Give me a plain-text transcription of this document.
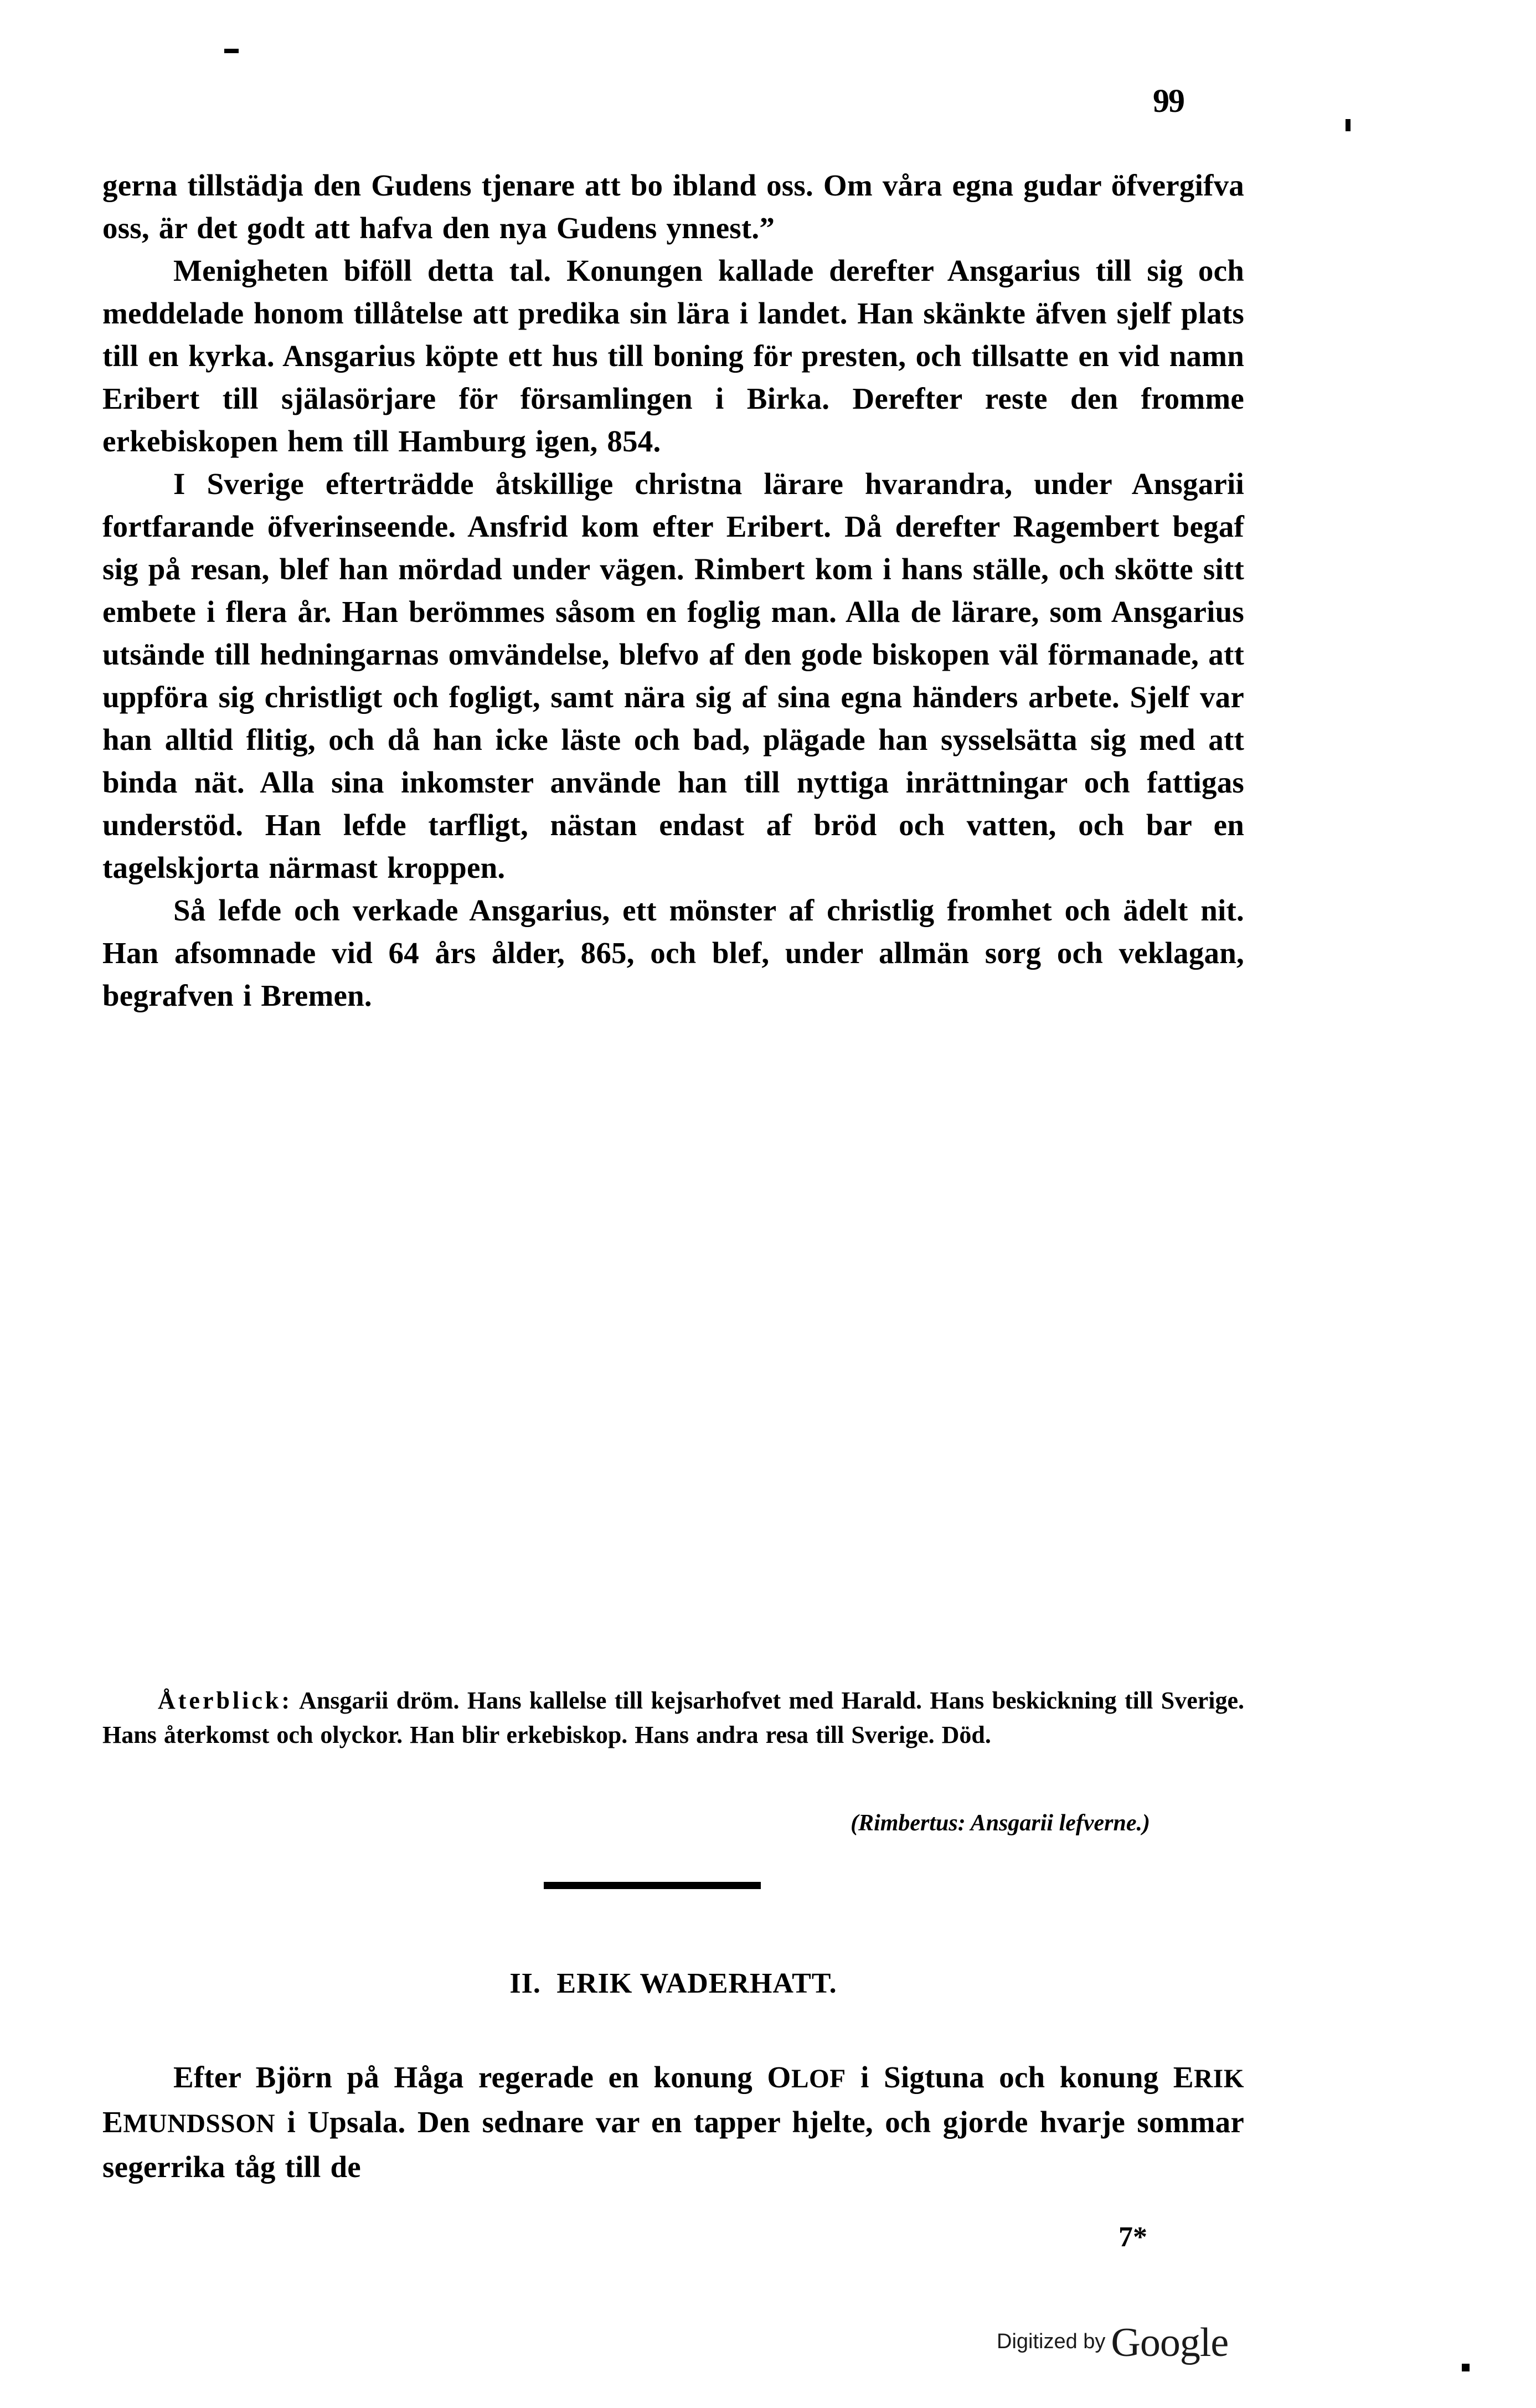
99

gerna tillstädja den Gudens tjenare att bo ibland oss. Om våra egna gudar öfvergifva oss, är det godt att hafva den nya Gudens ynnest.”

Menigheten biföll detta tal. Konungen kallade derefter Ansgarius till sig och meddelade honom tillåtelse att predika sin lära i landet. Han skänkte äfven sjelf plats till en kyrka. Ansgarius köpte ett hus till boning för presten, och tillsatte en vid namn Eribert till själasörjare för församlingen i Birka. Derefter reste den fromme erkebiskopen hem till Hamburg igen, 854.

I Sverige efterträdde åtskillige christna lärare hvarandra, under Ansgarii fortfarande öfverinseende. Ansfrid kom efter Eribert. Då derefter Ragembert begaf sig på resan, blef han mördad under vägen. Rimbert kom i hans ställe, och skötte sitt embete i flera år. Han berömmes såsom en foglig man. Alla de lärare, som Ansgarius utsände till hedningarnas omvändelse, blefvo af den gode biskopen väl förmanade, att uppföra sig christligt och fogligt, samt nära sig af sina egna händers arbete. Sjelf var han alltid flitig, och då han icke läste och bad, plägade han sysselsätta sig med att binda nät. Alla sina inkomster använde han till nyttiga inrättningar och fattigas understöd. Han lefde tarfligt, nästan endast af bröd och vatten, och bar en tagelskjorta närmast kroppen.

Så lefde och verkade Ansgarius, ett mönster af christlig fromhet och ädelt nit. Han afsomnade vid 64 års ålder, 865, och blef, under allmän sorg och veklagan, begrafven i Bremen.

Återblick: Ansgarii dröm. Hans kallelse till kejsarhofvet med Harald. Hans beskickning till Sverige. Hans återkomst och olyckor. Han blir erkebiskop. Hans andra resa till Sverige. Död.
(Rimbertus: Ansgarii lefverne.)
II. ERIK WADERHATT.

Efter Björn på Håga regerade en konung OLOF i Sigtuna och konung ERIK EMUNDSSON i Upsala. Den sednare var en tapper hjelte, och gjorde hvarje sommar segerrika tåg till de

7*
Digitized by Google
